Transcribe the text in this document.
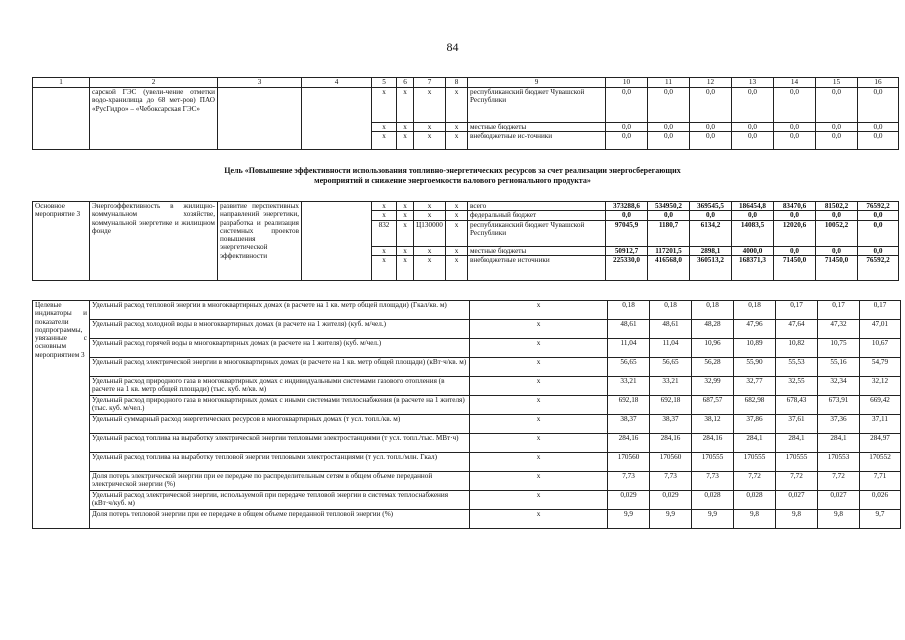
84
1	2	3	4	5	6	7	8	9	10	11	12	13	14	15	16
	сарской ГЭС (увели-чение отметки водо-хранилища до 68 мет-ров) ПАО «РусГидро» – «Чебоксарская ГЭС»			x	x	x	x	республиканский бюджет Чувашской Республики	0,0	0,0	0,0	0,0	0,0	0,0	0,0
				x	x	x	x	местные бюджеты	0,0	0,0	0,0	0,0	0,0	0,0	0,0
				x	x	x	x	внебюджетные ис-точники	0,0	0,0	0,0	0,0	0,0	0,0	0,0
Цель «Повышение эффективности использования топливно-энергетических ресурсов за счет реализации энергосберегающих мероприятий и снижение энергоемкости валового регионального продукта»
Основное мероприятие 3	Энергоэффективность в жилищно-коммунальном хозяйстве, коммунальной энергетике и жилищном фонде	развитие перспективных направлений энергетики, разработка и реализация системных проектов повышения энергетической эффективности		x	x	x	x	всего	373288,6	534950,2	369545,5	186454,8	83470,6	81502,2	76592,2
				x	x	x	x	федеральный бюджет	0,0	0,0	0,0	0,0	0,0	0,0	0,0
				832	x	Ц130000	x	республиканский бюджет Чувашской Республики	97045,9	1180,7	6134,2	14083,5	12020,6	10052,2	0,0
				x	x	x	x	местные бюджеты	50912,7	117201,5	2898,1	4000,0	0,0	0,0	0,0
				x	x	x	x	внебюджетные источники	225330,0	416568,0	360513,2	168371,3	71450,0	71450,0	76592,2
Целевые индикаторы и показатели подпрограммы, увязанные с основным мероприятием 3	Удельный расход тепловой энергии в многоквартирных домах (в расчете на 1 кв. метр общей площади) (Гкал/кв. м)	x	0,18	0,18	0,18	0,18	0,17	0,17	0,17
	Удельный расход холодной воды в многоквартирных домах (в расчете на 1 жителя) (куб. м/чел.)	x	48,61	48,61	48,28	47,96	47,64	47,32	47,01
	Удельный расход горячей воды в многоквартирных домах (в расчете на 1 жителя) (куб. м/чел.)	x	11,04	11,04	10,96	10,89	10,82	10,75	10,67
	Удельный расход электрической энергии в многоквартирных домах (в расчете на 1 кв. метр общей площади) (кВт·ч/кв. м)	x	56,65	56,65	56,28	55,90	55,53	55,16	54,79
	Удельный расход природного газа в многоквартирных домах с индивидуальными системами газового отопления (в расчете на 1 кв. метр общей площади) (тыс. куб. м/кв. м)	x	33,21	33,21	32,99	32,77	32,55	32,34	32,12
	Удельный расход природного газа в многоквартирных домах с иными системами теплоснабжения (в расчете на 1 жителя) (тыс. куб. м/чел.)	x	692,18	692,18	687,57	682,98	678,43	673,91	669,42
	Удельный суммарный расход энергетических ресурсов в многоквартирных домах (т усл. топл./кв. м)	x	38,37	38,37	38,12	37,86	37,61	37,36	37,11
	Удельный расход топлива на выработку электрической энергии тепловыми электростанциями (т усл. топл./тыс. МВт·ч)	x	284,16	284,16	284,16	284,1	284,1	284,1	284,97
	Удельный расход топлива на выработку тепловой энергии тепловыми электростанциями (т усл. топл./млн. Гкал)	x	170560	170560	170555	170555	170555	170553	170552
	Доля потерь электрической энергии при ее передаче по распределительным сетям в общем объеме переданной электрической энергии (%)	x	7,73	7,73	7,73	7,72	7,72	7,72	7,71
	Удельный расход электрической энергии, используемой при передаче тепловой энергии в системах теплоснабжения (кВт·ч/куб. м)	x	0,029	0,029	0,028	0,028	0,027	0,027	0,026
	Доля потерь тепловой энергии при ее передаче в общем объеме переданной тепловой энергии (%)	x	9,9	9,9	9,9	9,8	9,8	9,8	9,7
